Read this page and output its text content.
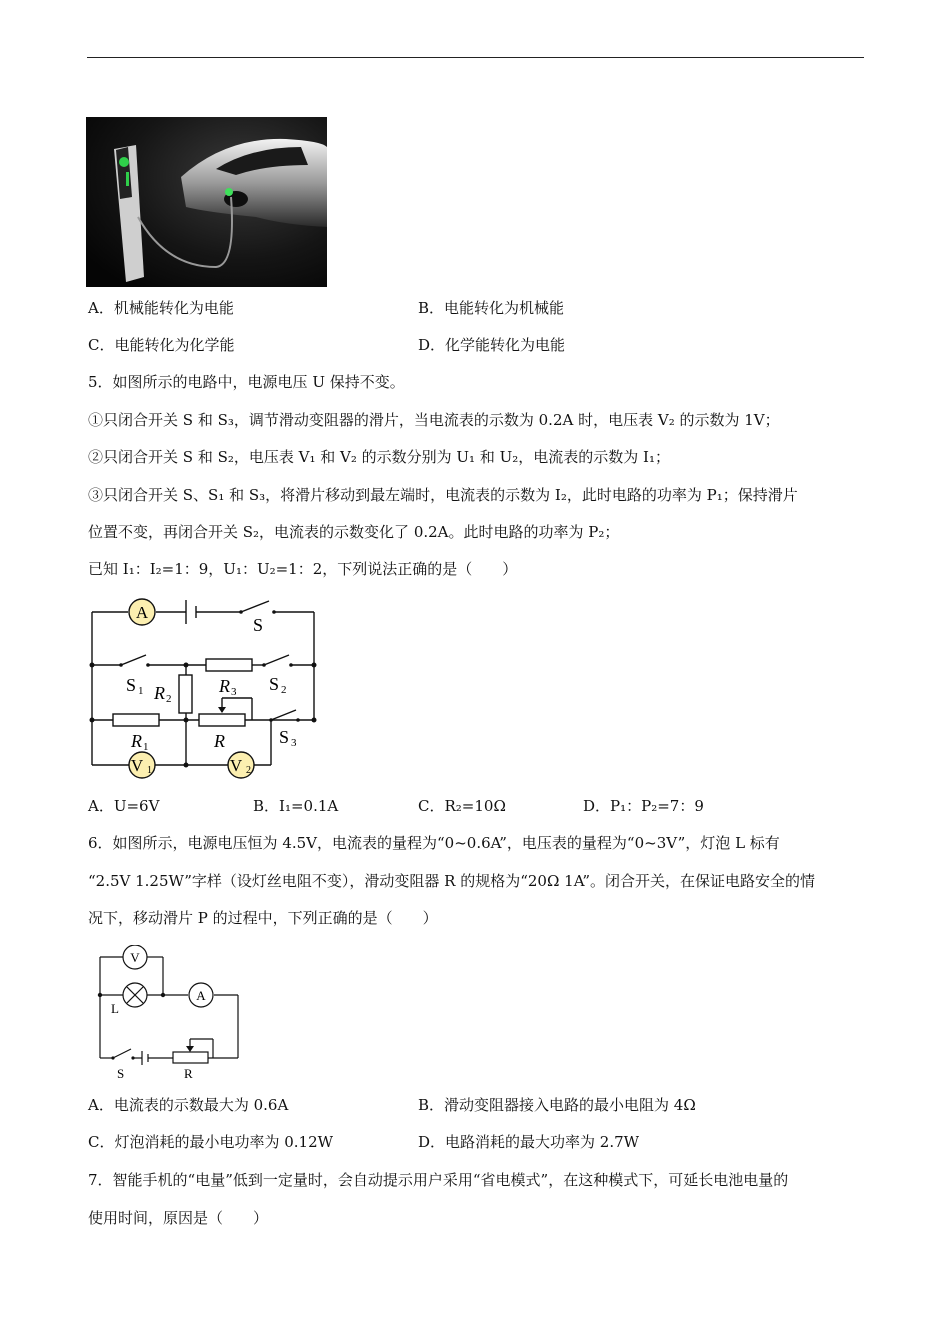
A．机械能转化为电能	B．电能转化为机械能
C．电能转化为化学能	D．化学能转化为电能
5．如图所示的电路中，电源电压 U 保持不变。
①只闭合开关 S 和 S₃，调节滑动变阻器的滑片，当电流表的示数为 0.2A 时，电压表 V₂ 的示数为 1V；
②只闭合开关 S 和 S₂，电压表 V₁ 和 V₂ 的示数分别为 U₁ 和 U₂，电流表的示数为 I₁；
③只闭合开关 S、S₁ 和 S₃，将滑片移动到最左端时，电流表的示数为 I₂，此时电路的功率为 P₁；保持滑片
位置不变，再闭合开关 S₂，电流表的示数变化了 0.2A。此时电路的功率为 P₂；
已知 I₁：I₂=1：9，U₁：U₂=1：2，下列说法正确的是（　　）
A
V 1	V 2
S
S 1 R 2
R 3 S 2
R 1	R	S 3
A．U=6V	B．I₁=0.1A	C．R₂=10Ω	D．P₁：P₂=7：9
6．如图所示，电源电压恒为 4.5V，电流表的量程为“0~0.6A”，电压表的量程为“0~3V”，灯泡 L 标有
“2.5V 1.25W”字样（设灯丝电阻不变），滑动变阻器 R 的规格为“20Ω 1A”。闭合开关，在保证电路安全的情
况下，移动滑片 P 的过程中，下列正确的是（　　）
V
A
L
S	R
A．电流表的示数最大为 0.6A	B．滑动变阻器接入电路的最小电阻为 4Ω
C．灯泡消耗的最小电功率为 0.12W	D．电路消耗的最大功率为 2.7W
7．智能手机的“电量”低到一定量时，会自动提示用户采用“省电模式”，在这种模式下，可延长电池电量的
使用时间，原因是（　　）
